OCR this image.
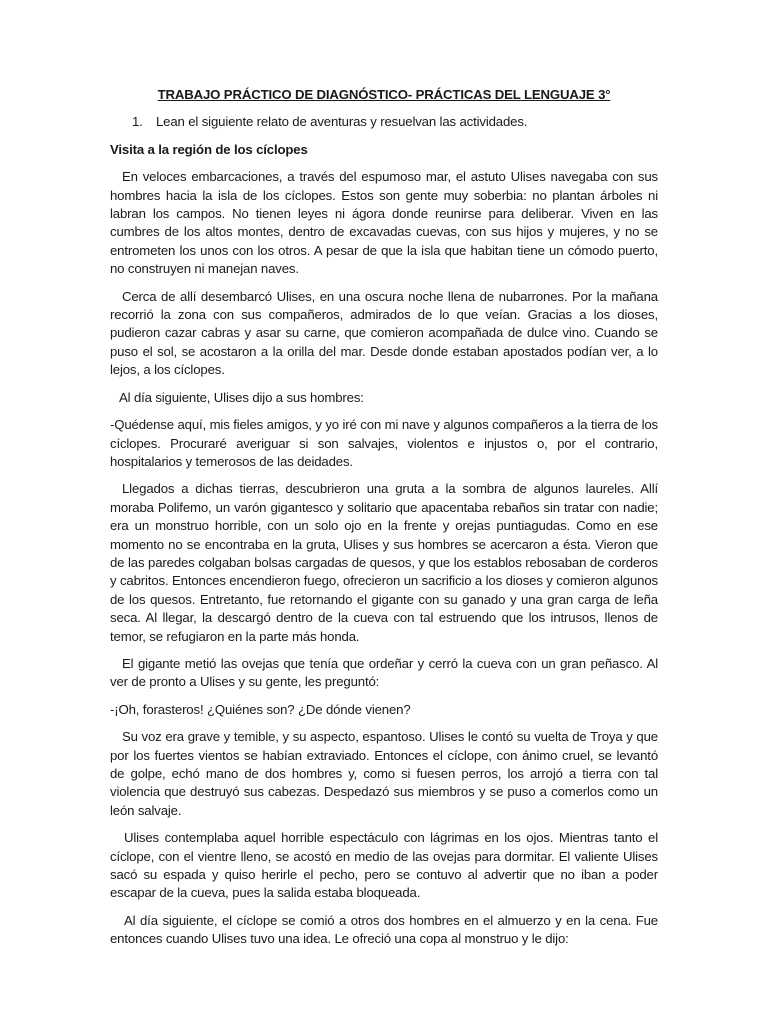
TRABAJO PRÁCTICO DE DIAGNÓSTICO- PRÁCTICAS DEL LENGUAJE 3°
1.	Lean el siguiente relato de aventuras y resuelvan las actividades.
Visita a la región de los cíclopes

En veloces embarcaciones, a través del espumoso mar, el astuto Ulises navegaba con sus hombres hacia la isla de los cíclopes. Estos son gente muy soberbia: no plantan árboles ni labran los campos. No tienen leyes ni ágora donde reunirse para deliberar. Viven en las cumbres de los altos montes, dentro de excavadas cuevas, con sus hijos y mujeres, y no se entrometen los unos con los otros. A pesar de que la isla que habitan tiene un cómodo puerto, no construyen ni manejan naves.

Cerca de allí desembarcó Ulises, en una oscura noche llena de nubarrones. Por la mañana recorrió la zona con sus compañeros, admirados de lo que veían. Gracias a los dioses, pudieron cazar cabras y asar su carne, que comieron acompañada de dulce vino. Cuando se puso el sol, se acostaron a la orilla del mar. Desde donde estaban apostados podían ver, a lo lejos, a los cíclopes.

Al día siguiente, Ulises dijo a sus hombres:

-Quédense aquí, mis fieles amigos, y yo iré con mi nave y algunos compañeros a la tierra de los cíclopes. Procuraré averiguar si son salvajes, violentos e injustos o, por el contrario, hospitalarios y temerosos de las deidades.

Llegados a dichas tierras, descubrieron una gruta a la sombra de algunos laureles. Allí moraba Polifemo, un varón gigantesco y solitario que apacentaba rebaños sin tratar con nadie; era un monstruo horrible, con un solo ojo en la frente y orejas puntiagudas. Como en ese momento no se encontraba en la gruta, Ulises y sus hombres se acercaron a ésta. Vieron que de las paredes colgaban bolsas cargadas de quesos, y que los establos rebosaban de corderos y cabritos. Entonces encendieron fuego, ofrecieron un sacrificio a los dioses y comieron algunos de los quesos. Entretanto, fue retornando el gigante con su ganado y una gran carga de leña seca. Al llegar, la descargó dentro de la cueva con tal estruendo que los intrusos, llenos de temor, se refugiaron en la parte más honda.

El gigante metió las ovejas que tenía que ordeñar y cerró la cueva con un gran peñasco. Al ver de pronto a Ulises y su gente, les preguntó:

-¡Oh, forasteros! ¿Quiénes son? ¿De dónde vienen?

Su voz era grave y temible, y su aspecto, espantoso. Ulises le contó su vuelta de Troya y que por los fuertes vientos se habían extraviado. Entonces el cíclope, con ánimo cruel, se levantó de golpe, echó mano de dos hombres y, como si fuesen perros, los arrojó a tierra con tal violencia que destruyó sus cabezas. Despedazó sus miembros y se puso a comerlos como un león salvaje.

Ulises contemplaba aquel horrible espectáculo con lágrimas en los ojos. Mientras tanto el cíclope, con el vientre lleno, se acostó en medio de las ovejas para dormitar. El valiente Ulises sacó su espada y quiso herirle el pecho, pero se contuvo al advertir que no iban a poder escapar de la cueva, pues la salida estaba bloqueada.

Al día siguiente, el cíclope se comió a otros dos hombres en el almuerzo y en la cena. Fue entonces cuando Ulises tuvo una idea. Le ofreció una copa al monstruo y le dijo:
